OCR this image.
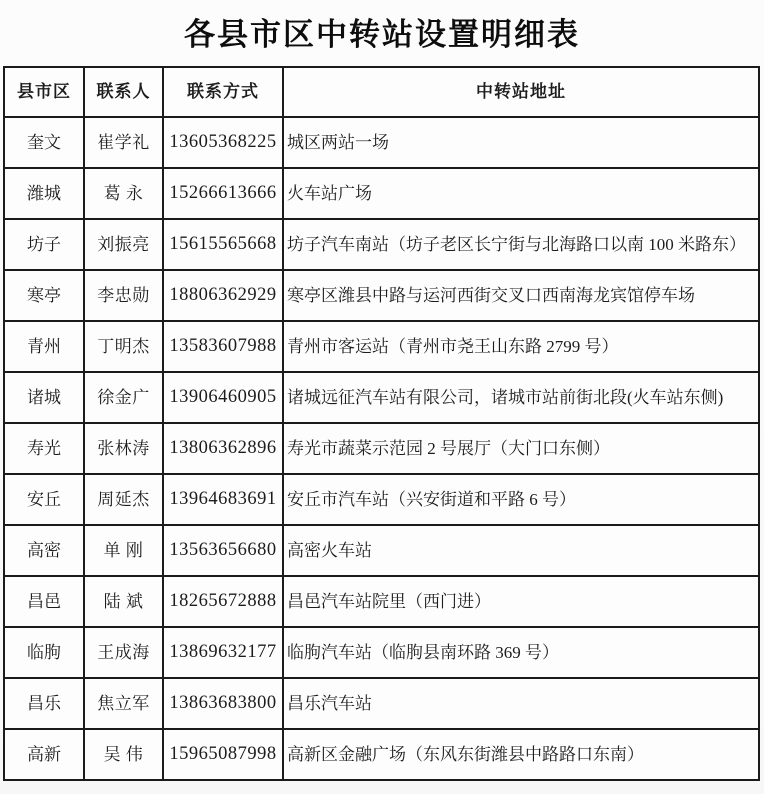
各县市区中转站设置明细表
县市区	联系人	联系方式	中转站地址
奎文	崔学礼	13605368225	城区两站一场
潍城	葛 永	15266613666	火车站广场
坊子	刘振亮	15615565668	坊子汽车南站（坊子老区长宁街与北海路口以南 100 米路东）
寒亭	李忠勋	18806362929	寒亭区潍县中路与运河西街交叉口西南海龙宾馆停车场
青州	丁明杰	13583607988	青州市客运站（青州市尧王山东路 2799 号）
诸城	徐金广	13906460905	诸城远征汽车站有限公司，诸城市站前街北段(火车站东侧)
寿光	张林涛	13806362896	寿光市蔬菜示范园 2 号展厅（大门口东侧）
安丘	周延杰	13964683691	安丘市汽车站（兴安街道和平路 6 号）
高密	单 刚	13563656680	高密火车站
昌邑	陆 斌	18265672888	昌邑汽车站院里（西门进）
临朐	王成海	13869632177	临朐汽车站（临朐县南环路 369 号）
昌乐	焦立军	13863683800	昌乐汽车站
高新	吴 伟	15965087998	高新区金融广场（东风东街潍县中路路口东南）
